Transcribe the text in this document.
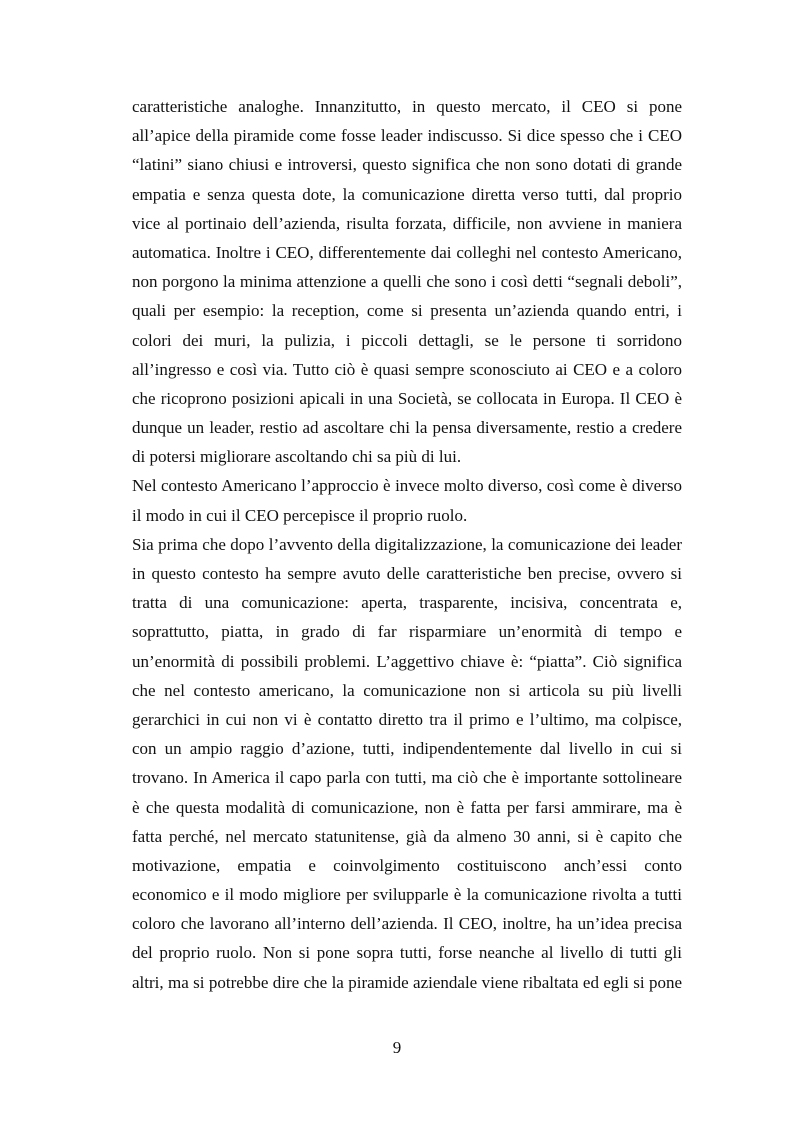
caratteristiche analoghe. Innanzitutto, in questo mercato, il CEO si pone
all’apice della piramide come fosse leader indiscusso. Si dice spesso che i CEO
“latini” siano chiusi e introversi, questo significa che non sono dotati di grande
empatia e senza questa dote, la comunicazione diretta verso tutti, dal proprio
vice al portinaio dell’azienda, risulta forzata, difficile, non avviene in maniera
automatica. Inoltre i CEO, differentemente dai colleghi nel contesto Americano,
non porgono la minima attenzione a quelli che sono i così detti “segnali deboli”,
quali per esempio: la reception, come si presenta un’azienda quando entri, i
colori dei muri, la pulizia, i piccoli dettagli, se le persone ti sorridono
all’ingresso e così via. Tutto ciò è quasi sempre sconosciuto ai CEO e a coloro
che ricoprono posizioni apicali in una Società, se collocata in Europa. Il CEO è
dunque un leader, restio ad ascoltare chi la pensa diversamente, restio a credere
di potersi migliorare ascoltando chi sa più di lui.
Nel contesto Americano l’approccio è invece molto diverso, così come è diverso
il modo in cui il CEO percepisce il proprio ruolo.
Sia prima che dopo l’avvento della digitalizzazione, la comunicazione dei leader
in questo contesto ha sempre avuto delle caratteristiche ben precise, ovvero si
tratta di una comunicazione: aperta, trasparente, incisiva, concentrata e,
soprattutto, piatta, in grado di far risparmiare un’enormità di tempo e
un’enormità di possibili problemi. L’aggettivo chiave è: “piatta”. Ciò significa
che nel contesto americano, la comunicazione non si articola su più livelli
gerarchici in cui non vi è contatto diretto tra il primo e l’ultimo, ma colpisce,
con un ampio raggio d’azione, tutti, indipendentemente dal livello in cui si
trovano. In America il capo parla con tutti, ma ciò che è importante sottolineare
è che questa modalità di comunicazione, non è fatta per farsi ammirare, ma è
fatta perché, nel mercato statunitense, già da almeno 30 anni, si è capito che
motivazione, empatia e coinvolgimento costituiscono anch’essi conto
economico e il modo migliore per svilupparle è la comunicazione rivolta a tutti
coloro che lavorano all’interno dell’azienda. Il CEO, inoltre, ha un’idea precisa
del proprio ruolo. Non si pone sopra tutti, forse neanche al livello di tutti gli
altri, ma si potrebbe dire che la piramide aziendale viene ribaltata ed egli si pone
9
